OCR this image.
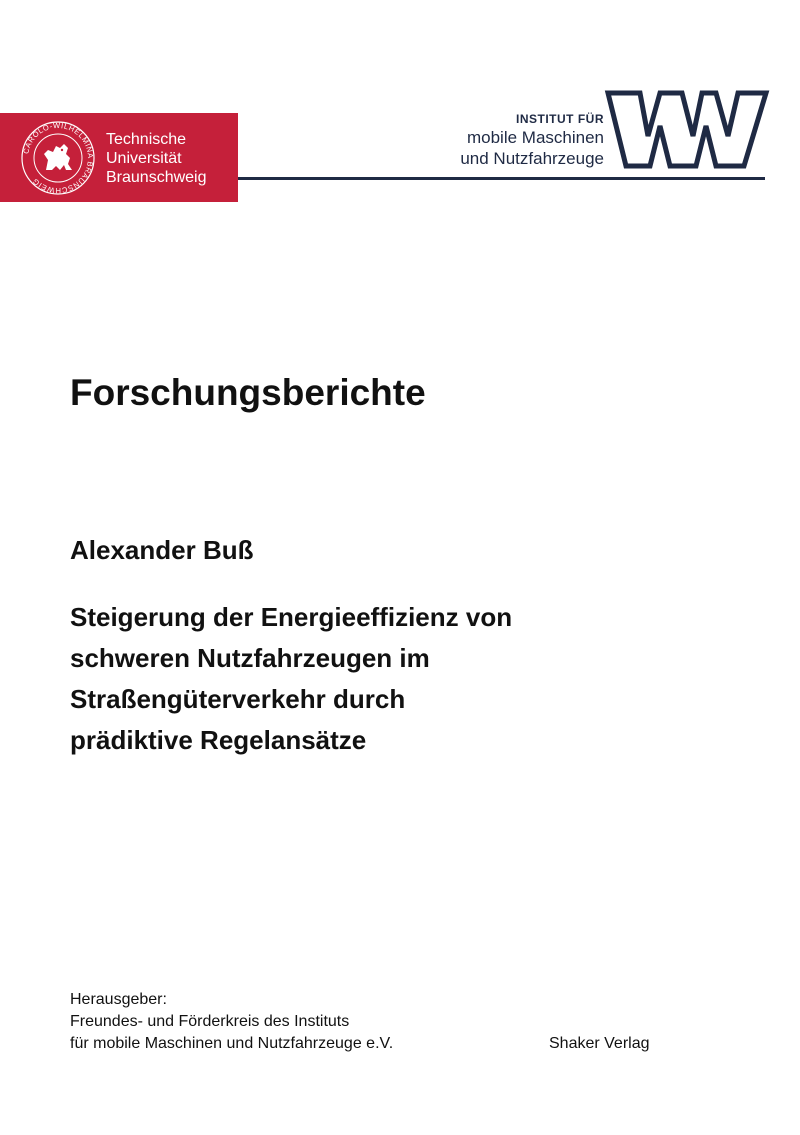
CAROLO-WILHELMINA BRAUNSCHWEIG
Technische
Universität
Braunschweig
INSTITUT FÜR
mobile Maschinen
und Nutzfahrzeuge
WW
Forschungsberichte
Alexander Buß
Steigerung der Energieeffizienz von
schweren Nutzfahrzeugen im
Straßengüterverkehr durch
prädiktive Regelansätze
Herausgeber:
Freundes- und Förderkreis des Instituts
für mobile Maschinen und Nutzfahrzeuge e.V.	Shaker Verlag
